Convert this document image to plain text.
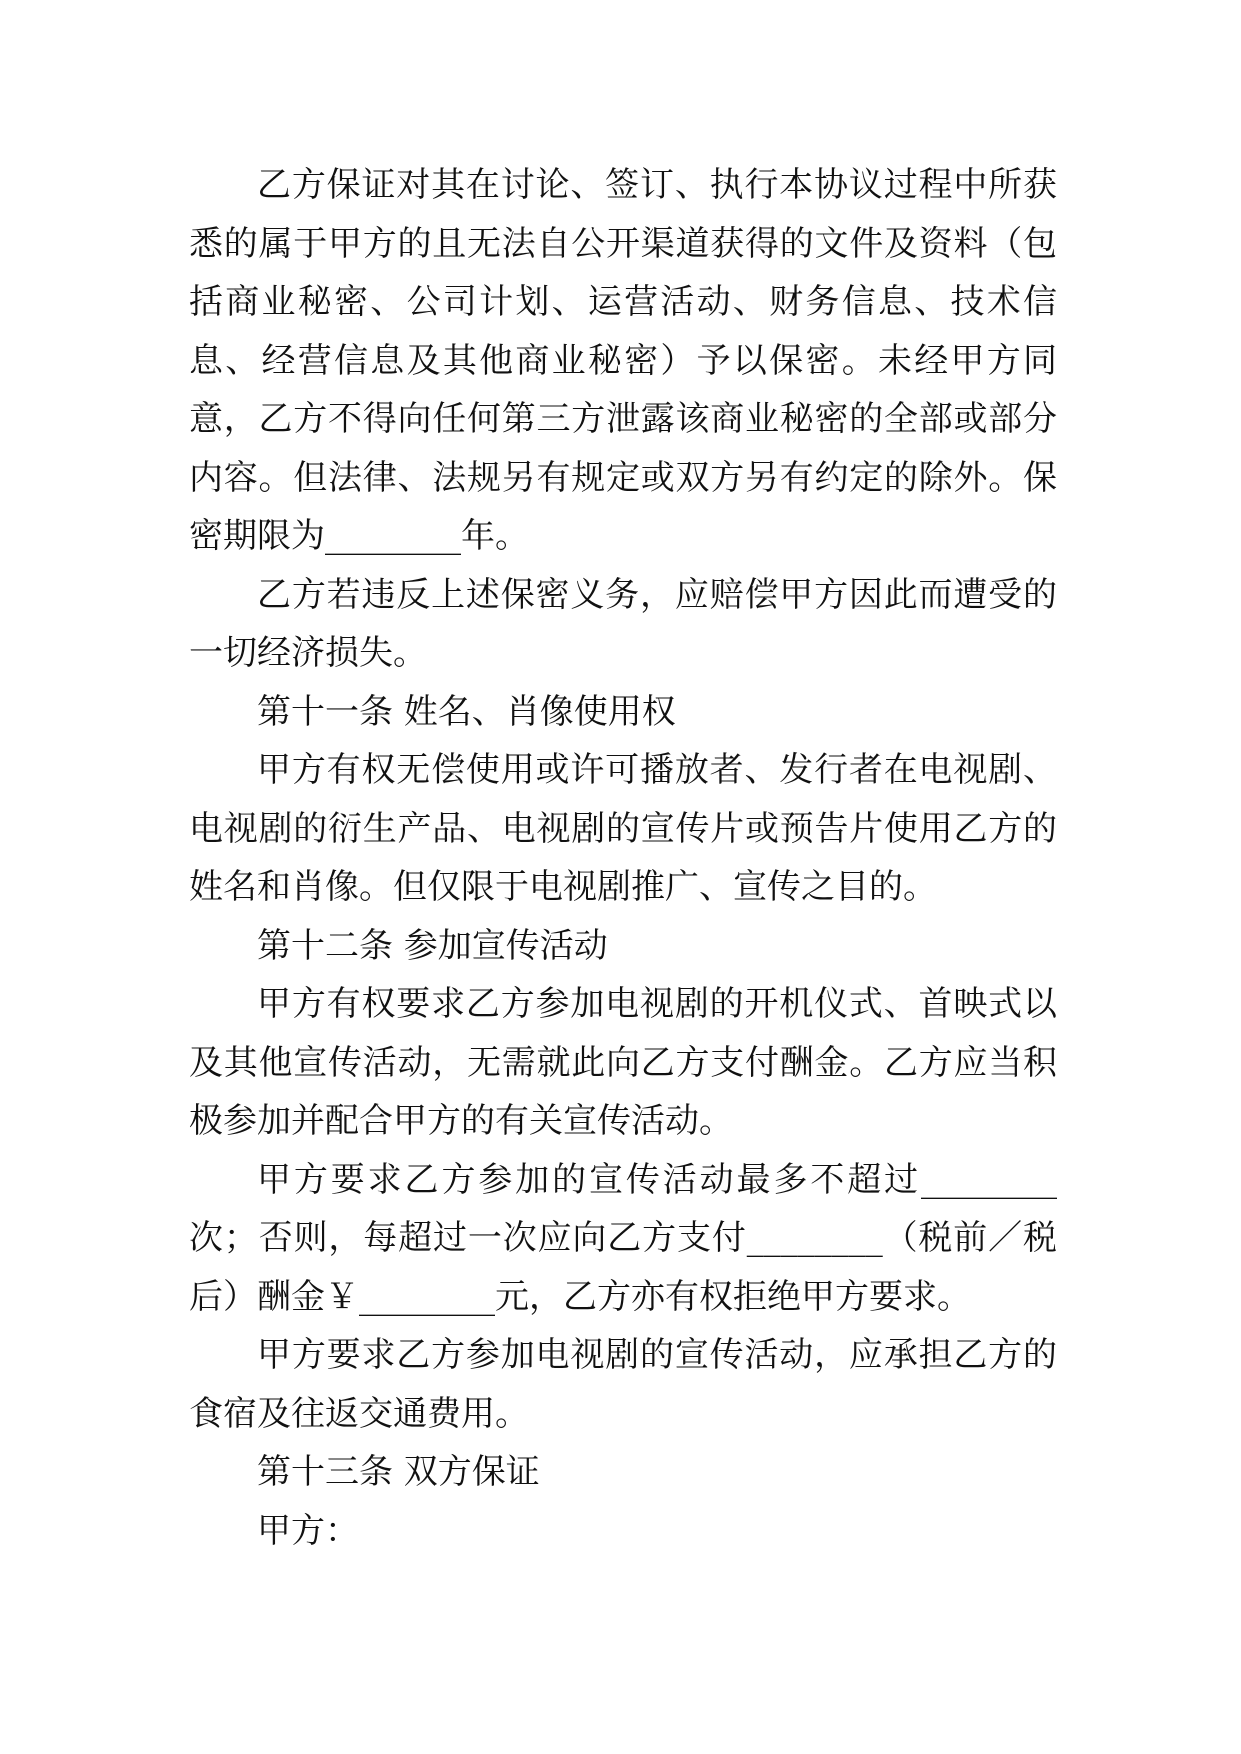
乙方保证对其在讨论、签订、执行本协议过程中所获悉的属于甲方的且无法自公开渠道获得的文件及资料（包括商业秘密、公司计划、运营活动、财务信息、技术信息、经营信息及其他商业秘密）予以保密。未经甲方同意，乙方不得向任何第三方泄露该商业秘密的全部或部分内容。但法律、法规另有规定或双方另有约定的除外。保密期限为________年。

乙方若违反上述保密义务，应赔偿甲方因此而遭受的一切经济损失。

第十一条 姓名、肖像使用权

甲方有权无偿使用或许可播放者、发行者在电视剧、电视剧的衍生产品、电视剧的宣传片或预告片使用乙方的姓名和肖像。但仅限于电视剧推广、宣传之目的。

第十二条 参加宣传活动

甲方有权要求乙方参加电视剧的开机仪式、首映式以及其他宣传活动，无需就此向乙方支付酬金。乙方应当积极参加并配合甲方的有关宣传活动。

甲方要求乙方参加的宣传活动最多不超过________次；否则，每超过一次应向乙方支付________（税前／税后）酬金￥________元，乙方亦有权拒绝甲方要求。

甲方要求乙方参加电视剧的宣传活动，应承担乙方的食宿及往返交通费用。

第十三条 双方保证

甲方：
